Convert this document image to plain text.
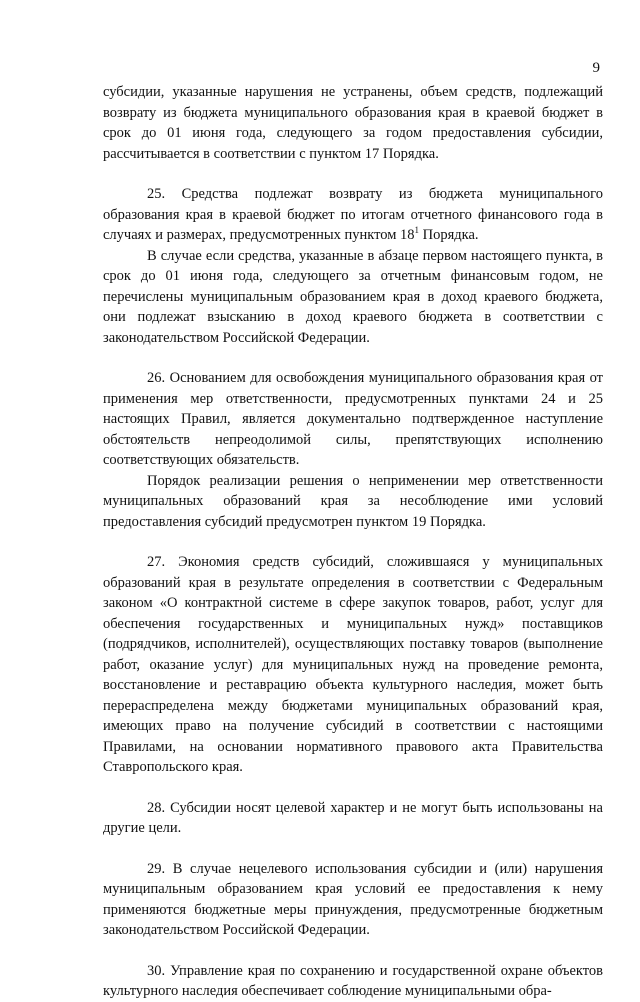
9

субсидии, указанные нарушения не устранены, объем средств, подлежащий возврату из бюджета муниципального образования края в краевой бюджет в срок до 01 июня года, следующего за годом предоставления субсидии, рассчитывается в соответствии с пунктом 17 Порядка.

25. Средства подлежат возврату из бюджета муниципального образования края в краевой бюджет по итогам отчетного финансового года в случаях и размерах, предусмотренных пунктом $18^1$ Порядка.

В случае если средства, указанные в абзаце первом настоящего пункта, в срок до 01 июня года, следующего за отчетным финансовым годом, не перечислены муниципальным образованием края в доход краевого бюджета, они подлежат взысканию в доход краевого бюджета в соответствии с законодательством Российской Федерации.

26. Основанием для освобождения муниципального образования края от применения мер ответственности, предусмотренных пунктами 24 и 25 настоящих Правил, является документально подтвержденное наступление обстоятельств непреодолимой силы, препятствующих исполнению соответствующих обязательств.

Порядок реализации решения о неприменении мер ответственности муниципальных образований края за несоблюдение ими условий предоставления субсидий предусмотрен пунктом 19 Порядка.

27. Экономия средств субсидий, сложившаяся у муниципальных образований края в результате определения в соответствии с Федеральным законом «О контрактной системе в сфере закупок товаров, работ, услуг для обеспечения государственных и муниципальных нужд» поставщиков (подрядчиков, исполнителей), осуществляющих поставку товаров (выполнение работ, оказание услуг) для муниципальных нужд на проведение ремонта, восстановление и реставрацию объекта культурного наследия, может быть перераспределена между бюджетами муниципальных образований края, имеющих право на получение субсидий в соответствии с настоящими Правилами, на основании нормативного правового акта Правительства Ставропольского края.

28. Субсидии носят целевой характер и не могут быть использованы на другие цели.

29. В случае нецелевого использования субсидии и (или) нарушения муниципальным образованием края условий ее предоставления к нему применяются бюджетные меры принуждения, предусмотренные бюджетным законодательством Российской Федерации.

30. Управление края по сохранению и государственной охране объектов культурного наследия обеспечивает соблюдение муниципальными обра-
